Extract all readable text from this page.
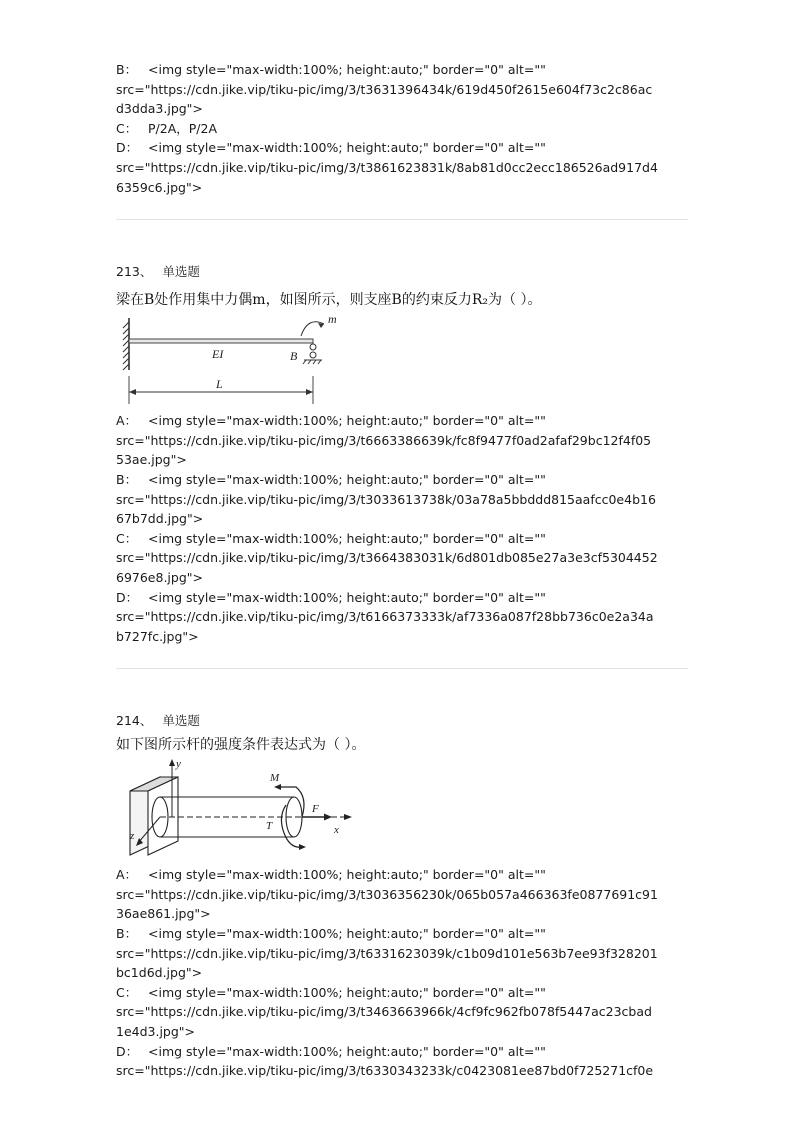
B： <img style="max-width:100%; height:auto;" border="0" alt=""
src="https://cdn.jike.vip/tiku-pic/img/3/t3631396434k/619d450f2615e604f73c2c86ac
d3dda3.jpg">
C： P/2A，P/2A
D： <img style="max-width:100%; height:auto;" border="0" alt=""
src="https://cdn.jike.vip/tiku-pic/img/3/t3861623831k/8ab81d0cc2ecc186526ad917d4
6359c6.jpg">
213、 单选题
梁在B处作用集中力偶m，如图所示，则支座B的约束反力R₂为（ ）。
EI	B
m
L
A： <img style="max-width:100%; height:auto;" border="0" alt=""
src="https://cdn.jike.vip/tiku-pic/img/3/t6663386639k/fc8f9477f0ad2afaf29bc12f4f05
53ae.jpg">
B： <img style="max-width:100%; height:auto;" border="0" alt=""
src="https://cdn.jike.vip/tiku-pic/img/3/t3033613738k/03a78a5bbddd815aafcc0e4b16
67b7dd.jpg">
C： <img style="max-width:100%; height:auto;" border="0" alt=""
src="https://cdn.jike.vip/tiku-pic/img/3/t3664383031k/6d801db085e27a3e3cf5304452
6976e8.jpg">
D： <img style="max-width:100%; height:auto;" border="0" alt=""
src="https://cdn.jike.vip/tiku-pic/img/3/t6166373333k/af7336a087f28bb736c0e2a34a
b727fc.jpg">
214、 单选题
如下图所示杆的强度条件表达式为（ ）。
y
x
z
F
M
T
A： <img style="max-width:100%; height:auto;" border="0" alt=""
src="https://cdn.jike.vip/tiku-pic/img/3/t3036356230k/065b057a466363fe0877691c91
36ae861.jpg">
B： <img style="max-width:100%; height:auto;" border="0" alt=""
src="https://cdn.jike.vip/tiku-pic/img/3/t6331623039k/c1b09d101e563b7ee93f328201
bc1d6d.jpg">
C： <img style="max-width:100%; height:auto;" border="0" alt=""
src="https://cdn.jike.vip/tiku-pic/img/3/t3463663966k/4cf9fc962fb078f5447ac23cbad
1e4d3.jpg">
D： <img style="max-width:100%; height:auto;" border="0" alt=""
src="https://cdn.jike.vip/tiku-pic/img/3/t6330343233k/c0423081ee87bd0f725271cf0e
